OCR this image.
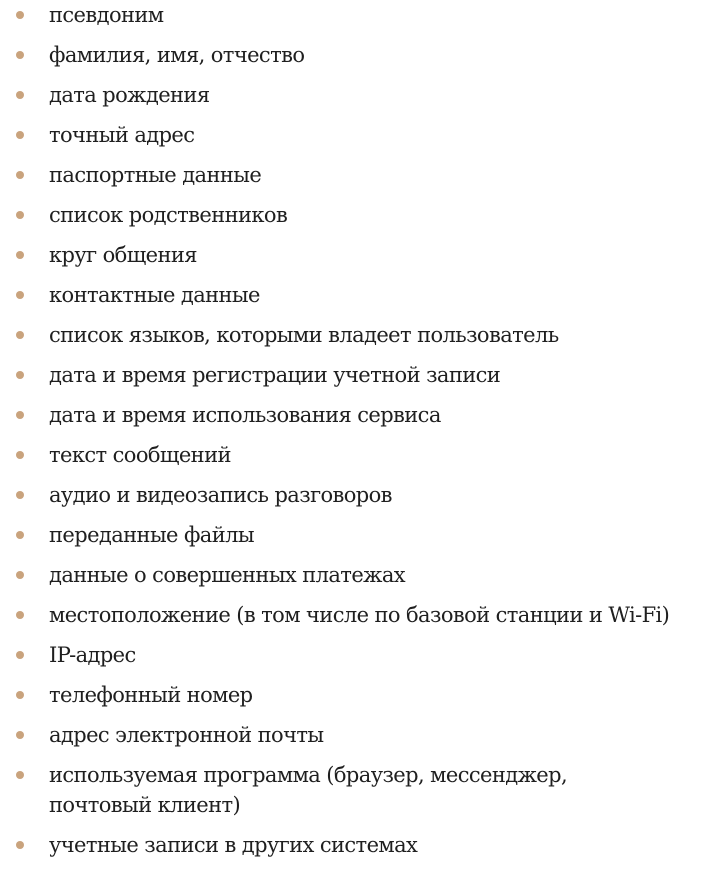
псевдоним
фамилия, имя, отчество
дата рождения
точный адрес
паспортные данные
список родственников
круг общения
контактные данные
список языков, которыми владеет пользователь
дата и время регистрации учетной записи
дата и время использования сервиса
текст сообщений
аудио и видеозапись разговоров
переданные файлы
данные о совершенных платежах
местоположение (в том числе по базовой станции и Wi-Fi)
IP-адрес
телефонный номер
адрес электронной почты
используемая программа (браузер, мессенджер, почтовый клиент)
учетные записи в других системах
